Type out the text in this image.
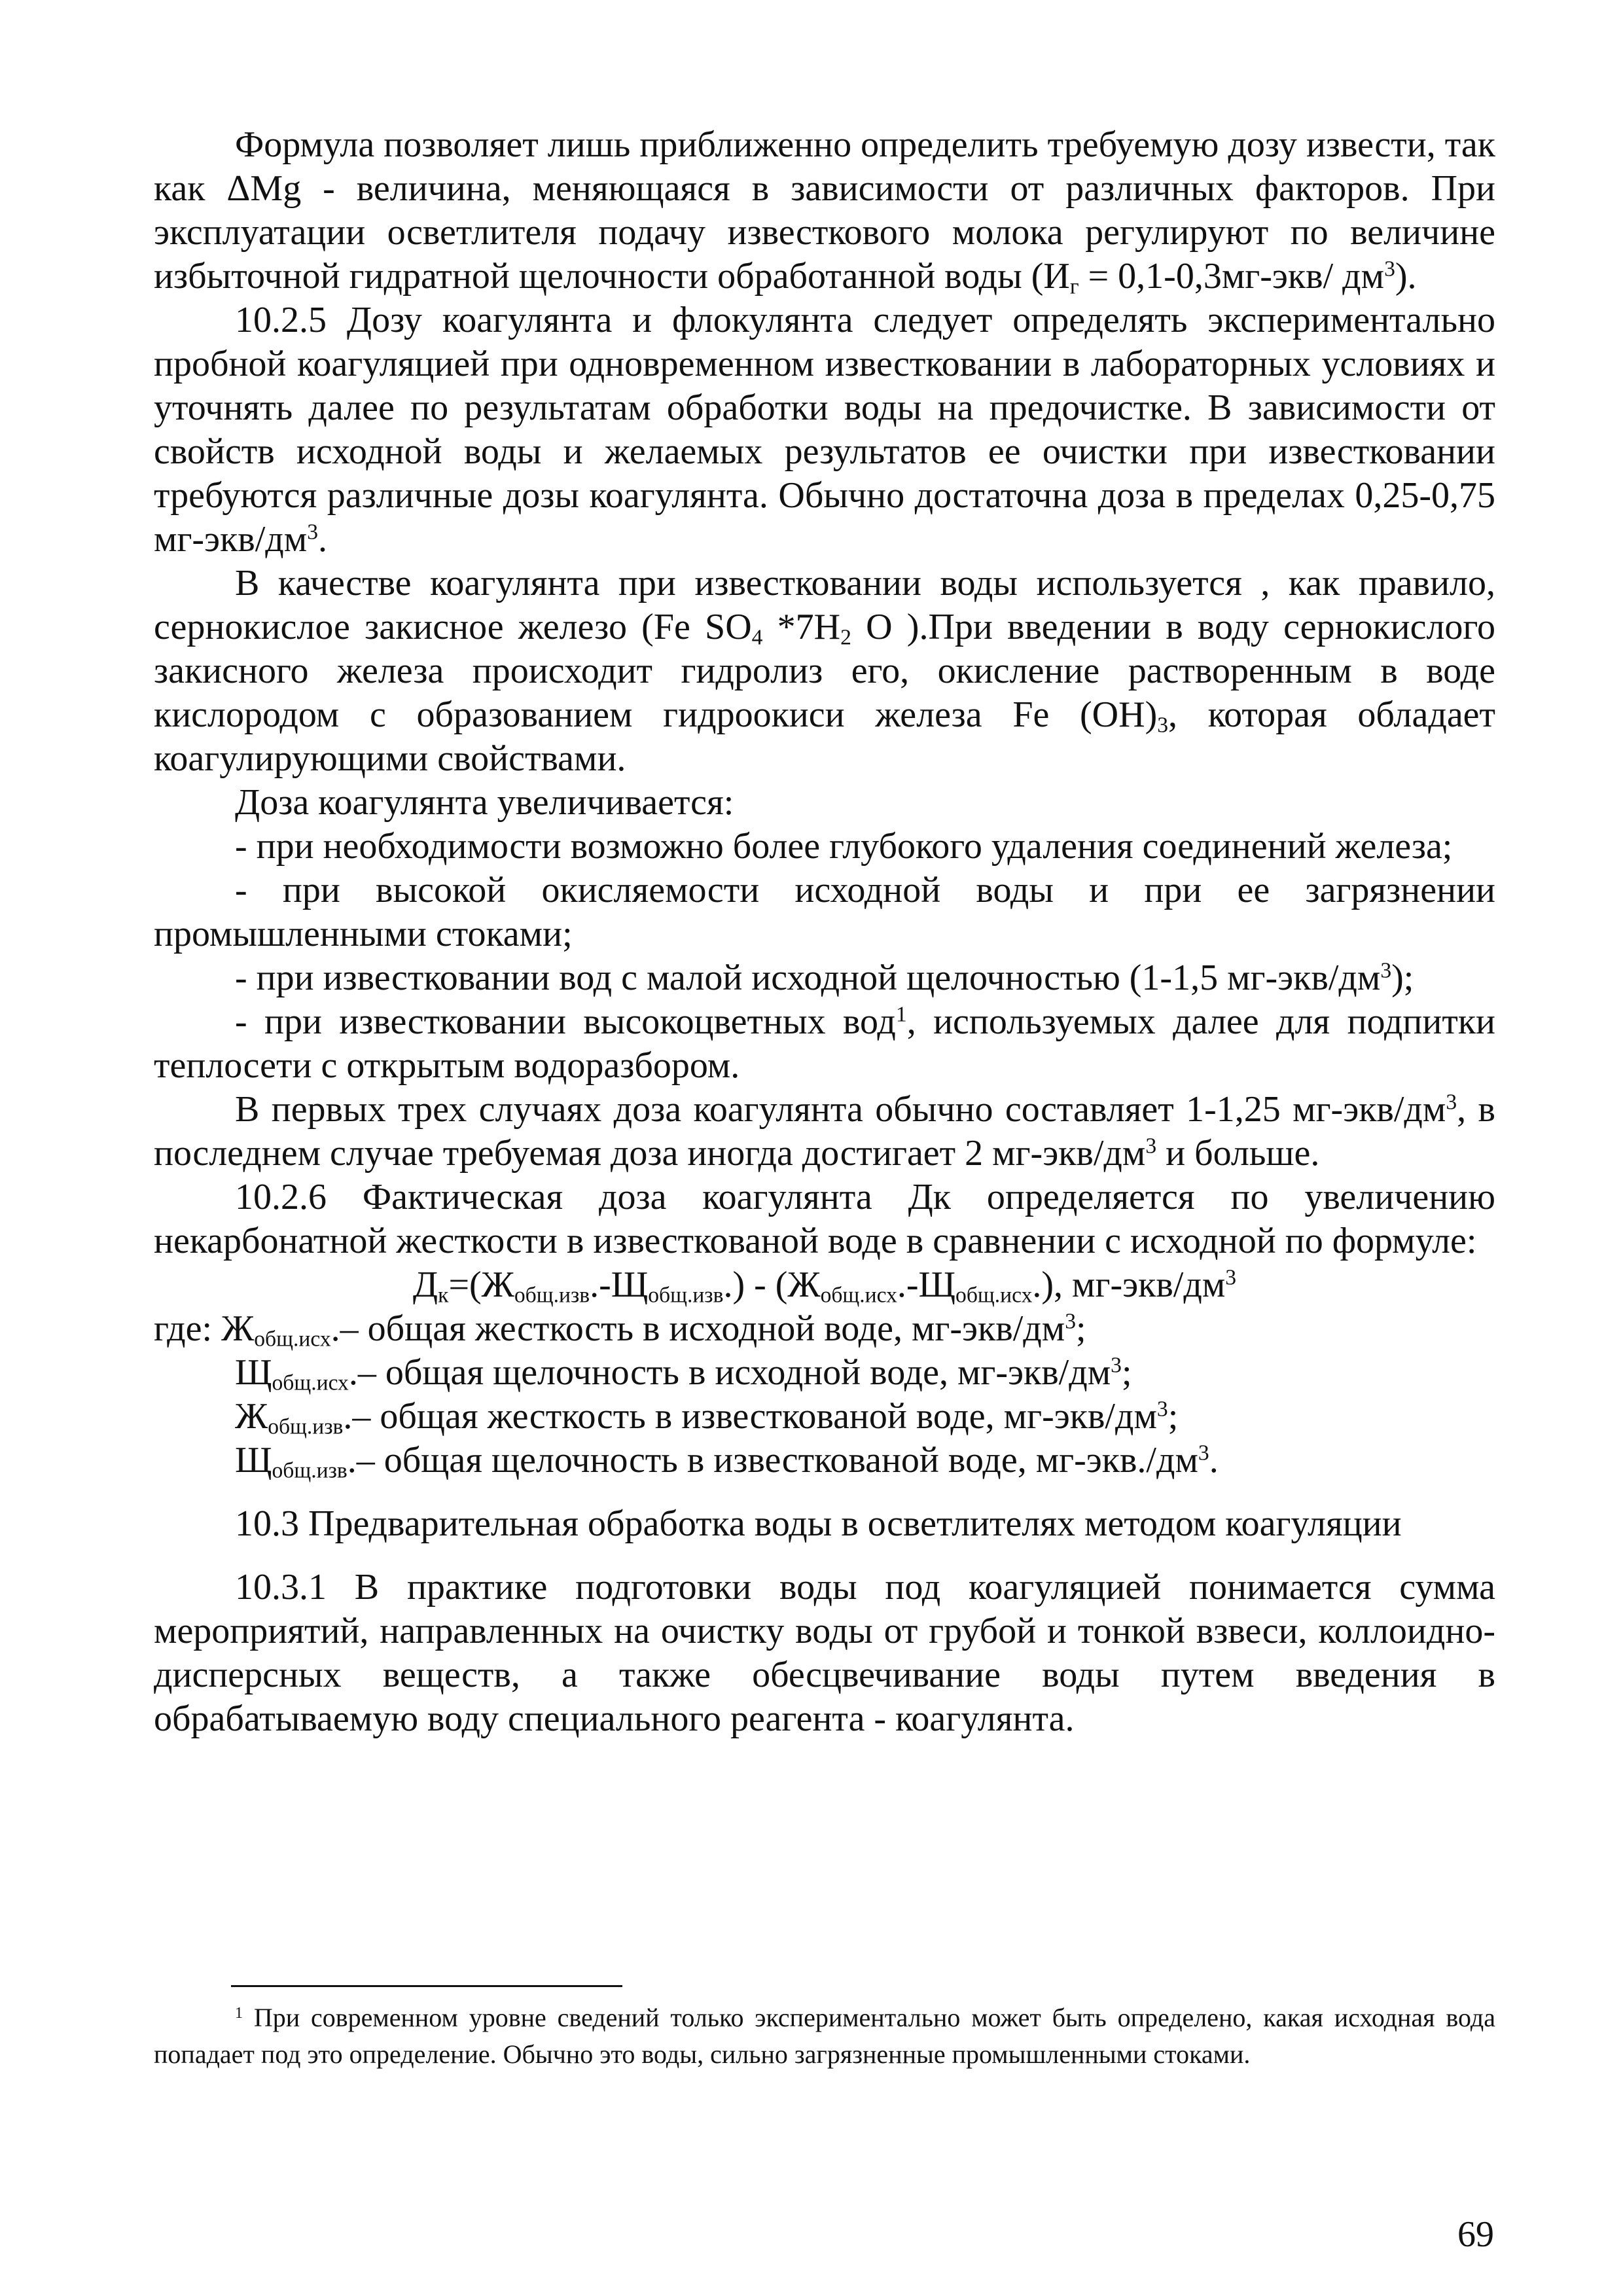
Формула позволяет лишь приближенно определить требуемую дозу извести, так как ΔMg - величина, меняющаяся в зависимости от различных факторов. При эксплуатации осветлителя подачу известкового молока регулируют по величине избыточной гидратной щелочности обработанной воды ($И_г = 0,1-0,3мг-экв/$ $дм^3$).

10.2.5 Дозу коагулянта и флокулянта следует определять экспериментально пробной коагуляцией при одновременном известковании в лабораторных условиях и уточнять далее по результатам обработки воды на предочистке. В зависимости от свойств исходной воды и желаемых результатов ее очистки при известковании требуются различные дозы коагулянта. Обычно достаточна доза в пределах 0,25-0,75 $мг-экв/дм^3$.

В качестве коагулянта при известковании воды используется , как правило, сернокислое закисное железо (Fe $SO_4$ $*7H_2$ O ).При введении в воду сернокислого закисного железа происходит гидролиз его, окисление растворенным в воде кислородом с образованием гидроокиси железа Fe $(OH)_3$, которая обладает коагулирующими свойствами.

Доза коагулянта увеличивается:

- при необходимости возможно более глубокого удаления соединений железа;

- при высокой окисляемости исходной воды и при ее загрязнении промышленными стоками;

- при известковании вод с малой исходной щелочностью (1-1,5 $мг-экв/дм^3$);

- при известковании высокоцветных вод$^1$, используемых далее для подпитки теплосети с открытым водоразбором.

В первых трех случаях доза коагулянта обычно составляет 1-1,25 $мг-экв/дм^3$, в последнем случае требуемая доза иногда достигает 2 $мг-экв/дм^3$ и больше.

10.2.6 Фактическая доза коагулянта Дк определяется по увеличению некарбонатной жесткости в известкованой воде в сравнении с исходной по формуле:

$Д_к=(Ж_{общ.изв}.-Щ_{общ.изв}.) - (Ж_{общ.исх}.-Щ_{общ.исх}.)$, $мг-экв/дм^3$

где: $Ж_{общ.исх}.-$ общая жесткость в исходной воде, $мг-экв/дм^3$;

$Щ_{общ.исх}.-$ общая щелочность в исходной воде, $мг-экв/дм^3$;

$Ж_{общ.изв}.-$ общая жесткость в известкованой воде, $мг-экв/дм^3$;

$Щ_{общ.изв}.-$ общая щелочность в известкованой воде, $мг-экв./дм^3$.

10.3 Предварительная обработка воды в осветлителях методом коагуляции

10.3.1 В практике подготовки воды под коагуляцией понимается сумма мероприятий, направленных на очистку воды от грубой и тонкой взвеси, коллоидно-дисперсных веществ, а также обесцвечивание воды путем введения в обрабатываемую воду специального реагента - коагулянта.

$^1$ При современном уровне сведений только экспериментально может быть определено, какая исходная вода попадает под это определение. Обычно это воды, сильно загрязненные промышленными стоками.

69
